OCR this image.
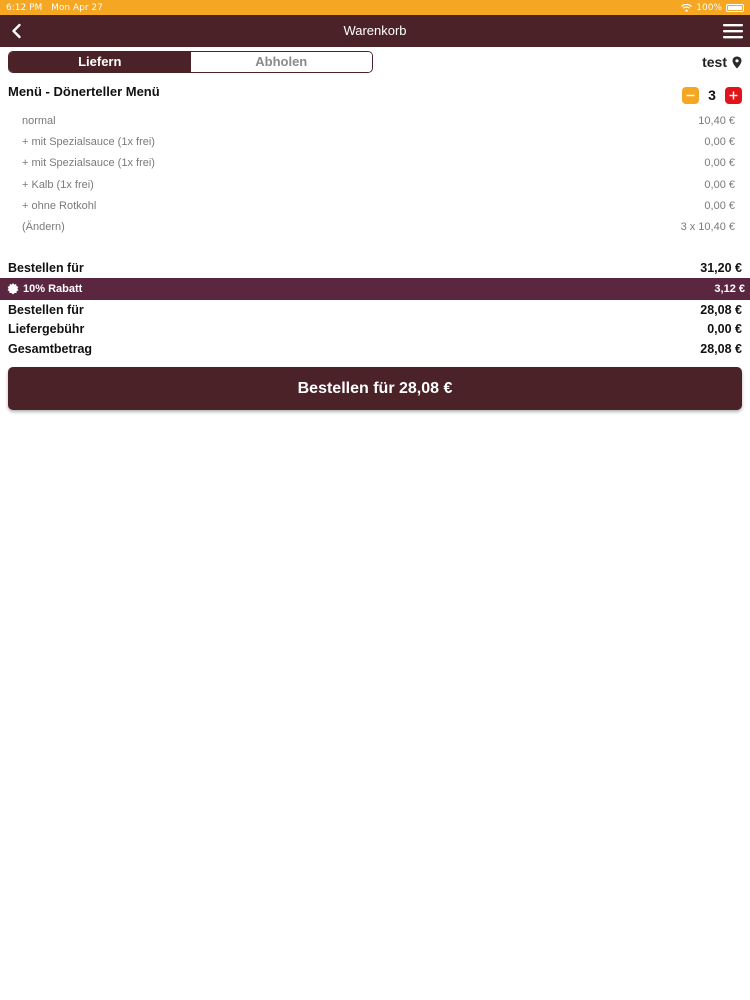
6:12 PM Mon Apr 27	100%
Warenkorb
Liefern	Abholen	test
Menü - Dönerteller Menü	3
normal	10,40 €
+ mit Spezialsauce (1x frei)	0,00 €
+ mit Spezialsauce (1x frei)	0,00 €
+ Kalb (1x frei)	0,00 €
+ ohne Rotkohl	0,00 €
(Ändern)	3 x 10,40 €
Bestellen für	31,20 €
10% Rabatt	3,12 €
Bestellen für	28,08 €
Liefergebühr	0,00 €
Gesamtbetrag	28,08 €
Bestellen für 28,08 €
